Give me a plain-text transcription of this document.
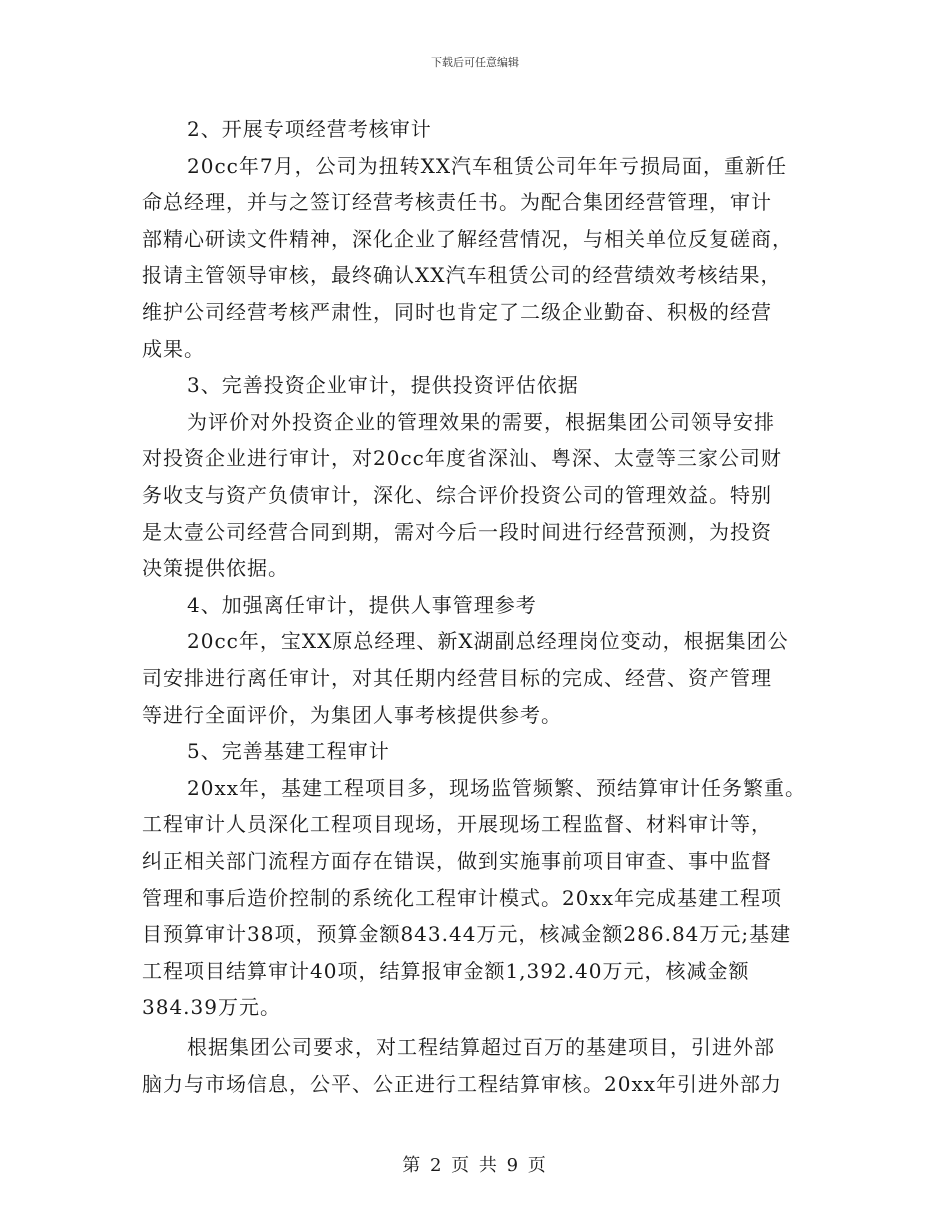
下载后可任意编辑
2、开展专项经营考核审计
20cc年7月，公司为扭转XX汽车租赁公司年年亏损局面，重新任
命总经理，并与之签订经营考核责任书。为配合集团经营管理，审计
部精心研读文件精神，深化企业了解经营情况，与相关单位反复磋商，
报请主管领导审核，最终确认XX汽车租赁公司的经营绩效考核结果，
维护公司经营考核严肃性，同时也肯定了二级企业勤奋、积极的经营
成果。
3、完善投资企业审计，提供投资评估依据
为评价对外投资企业的管理效果的需要，根据集团公司领导安排
对投资企业进行审计，对20cc年度省深汕、粤深、太壹等三家公司财
务收支与资产负债审计，深化、综合评价投资公司的管理效益。特别
是太壹公司经营合同到期，需对今后一段时间进行经营预测，为投资
决策提供依据。
4、加强离任审计，提供人事管理参考
20cc年，宝XX原总经理、新X湖副总经理岗位变动，根据集团公
司安排进行离任审计，对其任期内经营目标的完成、经营、资产管理
等进行全面评价，为集团人事考核提供参考。
5、完善基建工程审计
20xx年，基建工程项目多，现场监管频繁、预结算审计任务繁重。
工程审计人员深化工程项目现场，开展现场工程监督、材料审计等，
纠正相关部门流程方面存在错误，做到实施事前项目审查、事中监督
管理和事后造价控制的系统化工程审计模式。20xx年完成基建工程项
目预算审计38项，预算金额843.44万元，核减金额286.84万元;基建
工程项目结算审计40项，结算报审金额1,392.40万元，核减金额
384.39万元。
根据集团公司要求，对工程结算超过百万的基建项目，引进外部
脑力与市场信息，公平、公正进行工程结算审核。20xx年引进外部力
第 2 页 共 9 页
